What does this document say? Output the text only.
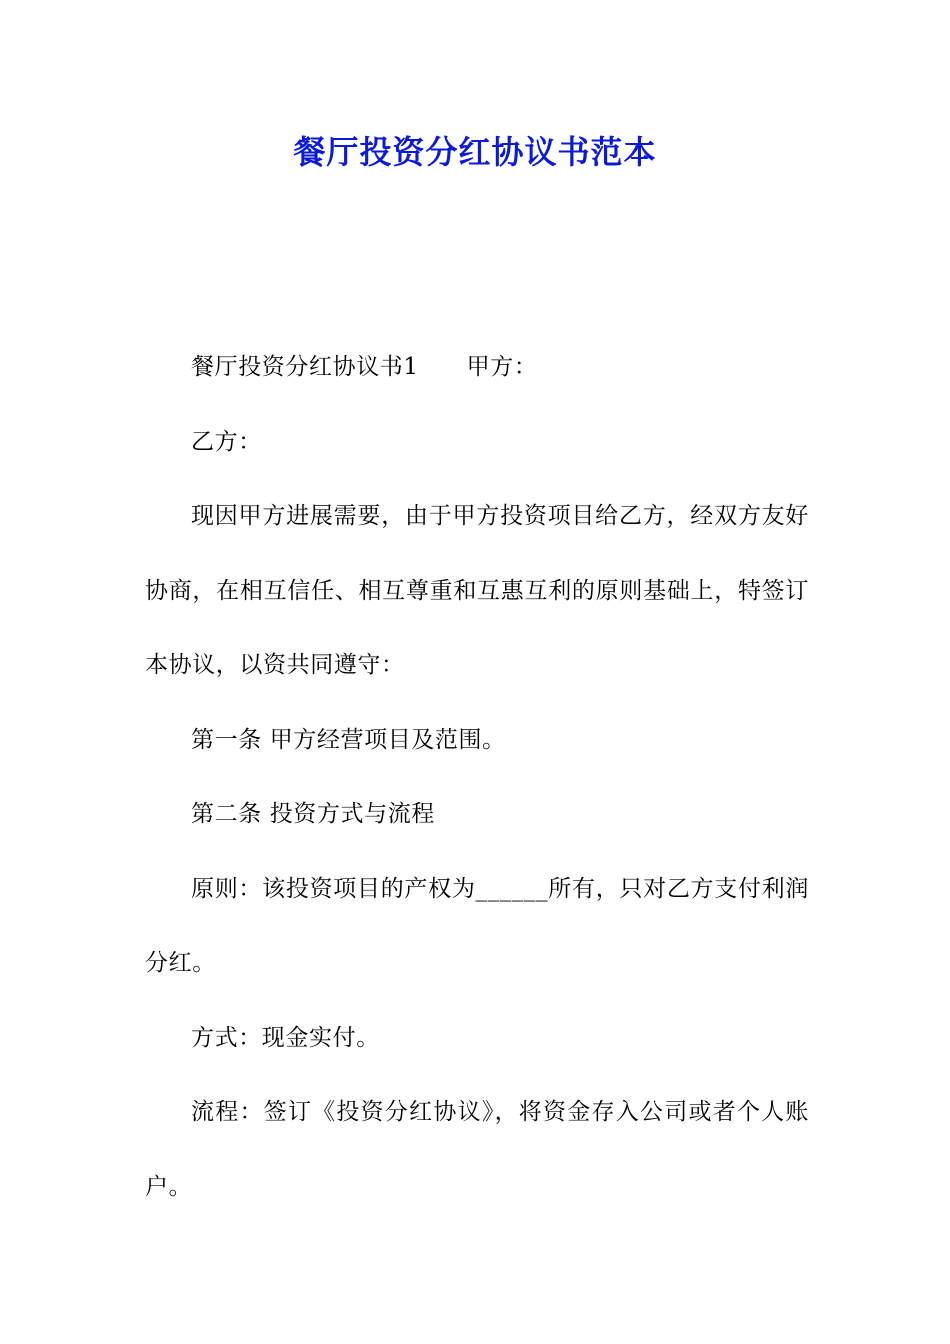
餐厅投资分红协议书范本

餐厅投资分红协议书1 甲方：

乙方：

现因甲方进展需要，由于甲方投资项目给乙方，经双方友好协商，在相互信任、相互尊重和互惠互利的原则基础上，特签订本协议，以资共同遵守：

第一条 甲方经营项目及范围。

第二条 投资方式与流程

原则：该投资项目的产权为______所有，只对乙方支付利润分红。

方式：现金实付。

流程：签订《投资分红协议》，将资金存入公司或者个人账户。
